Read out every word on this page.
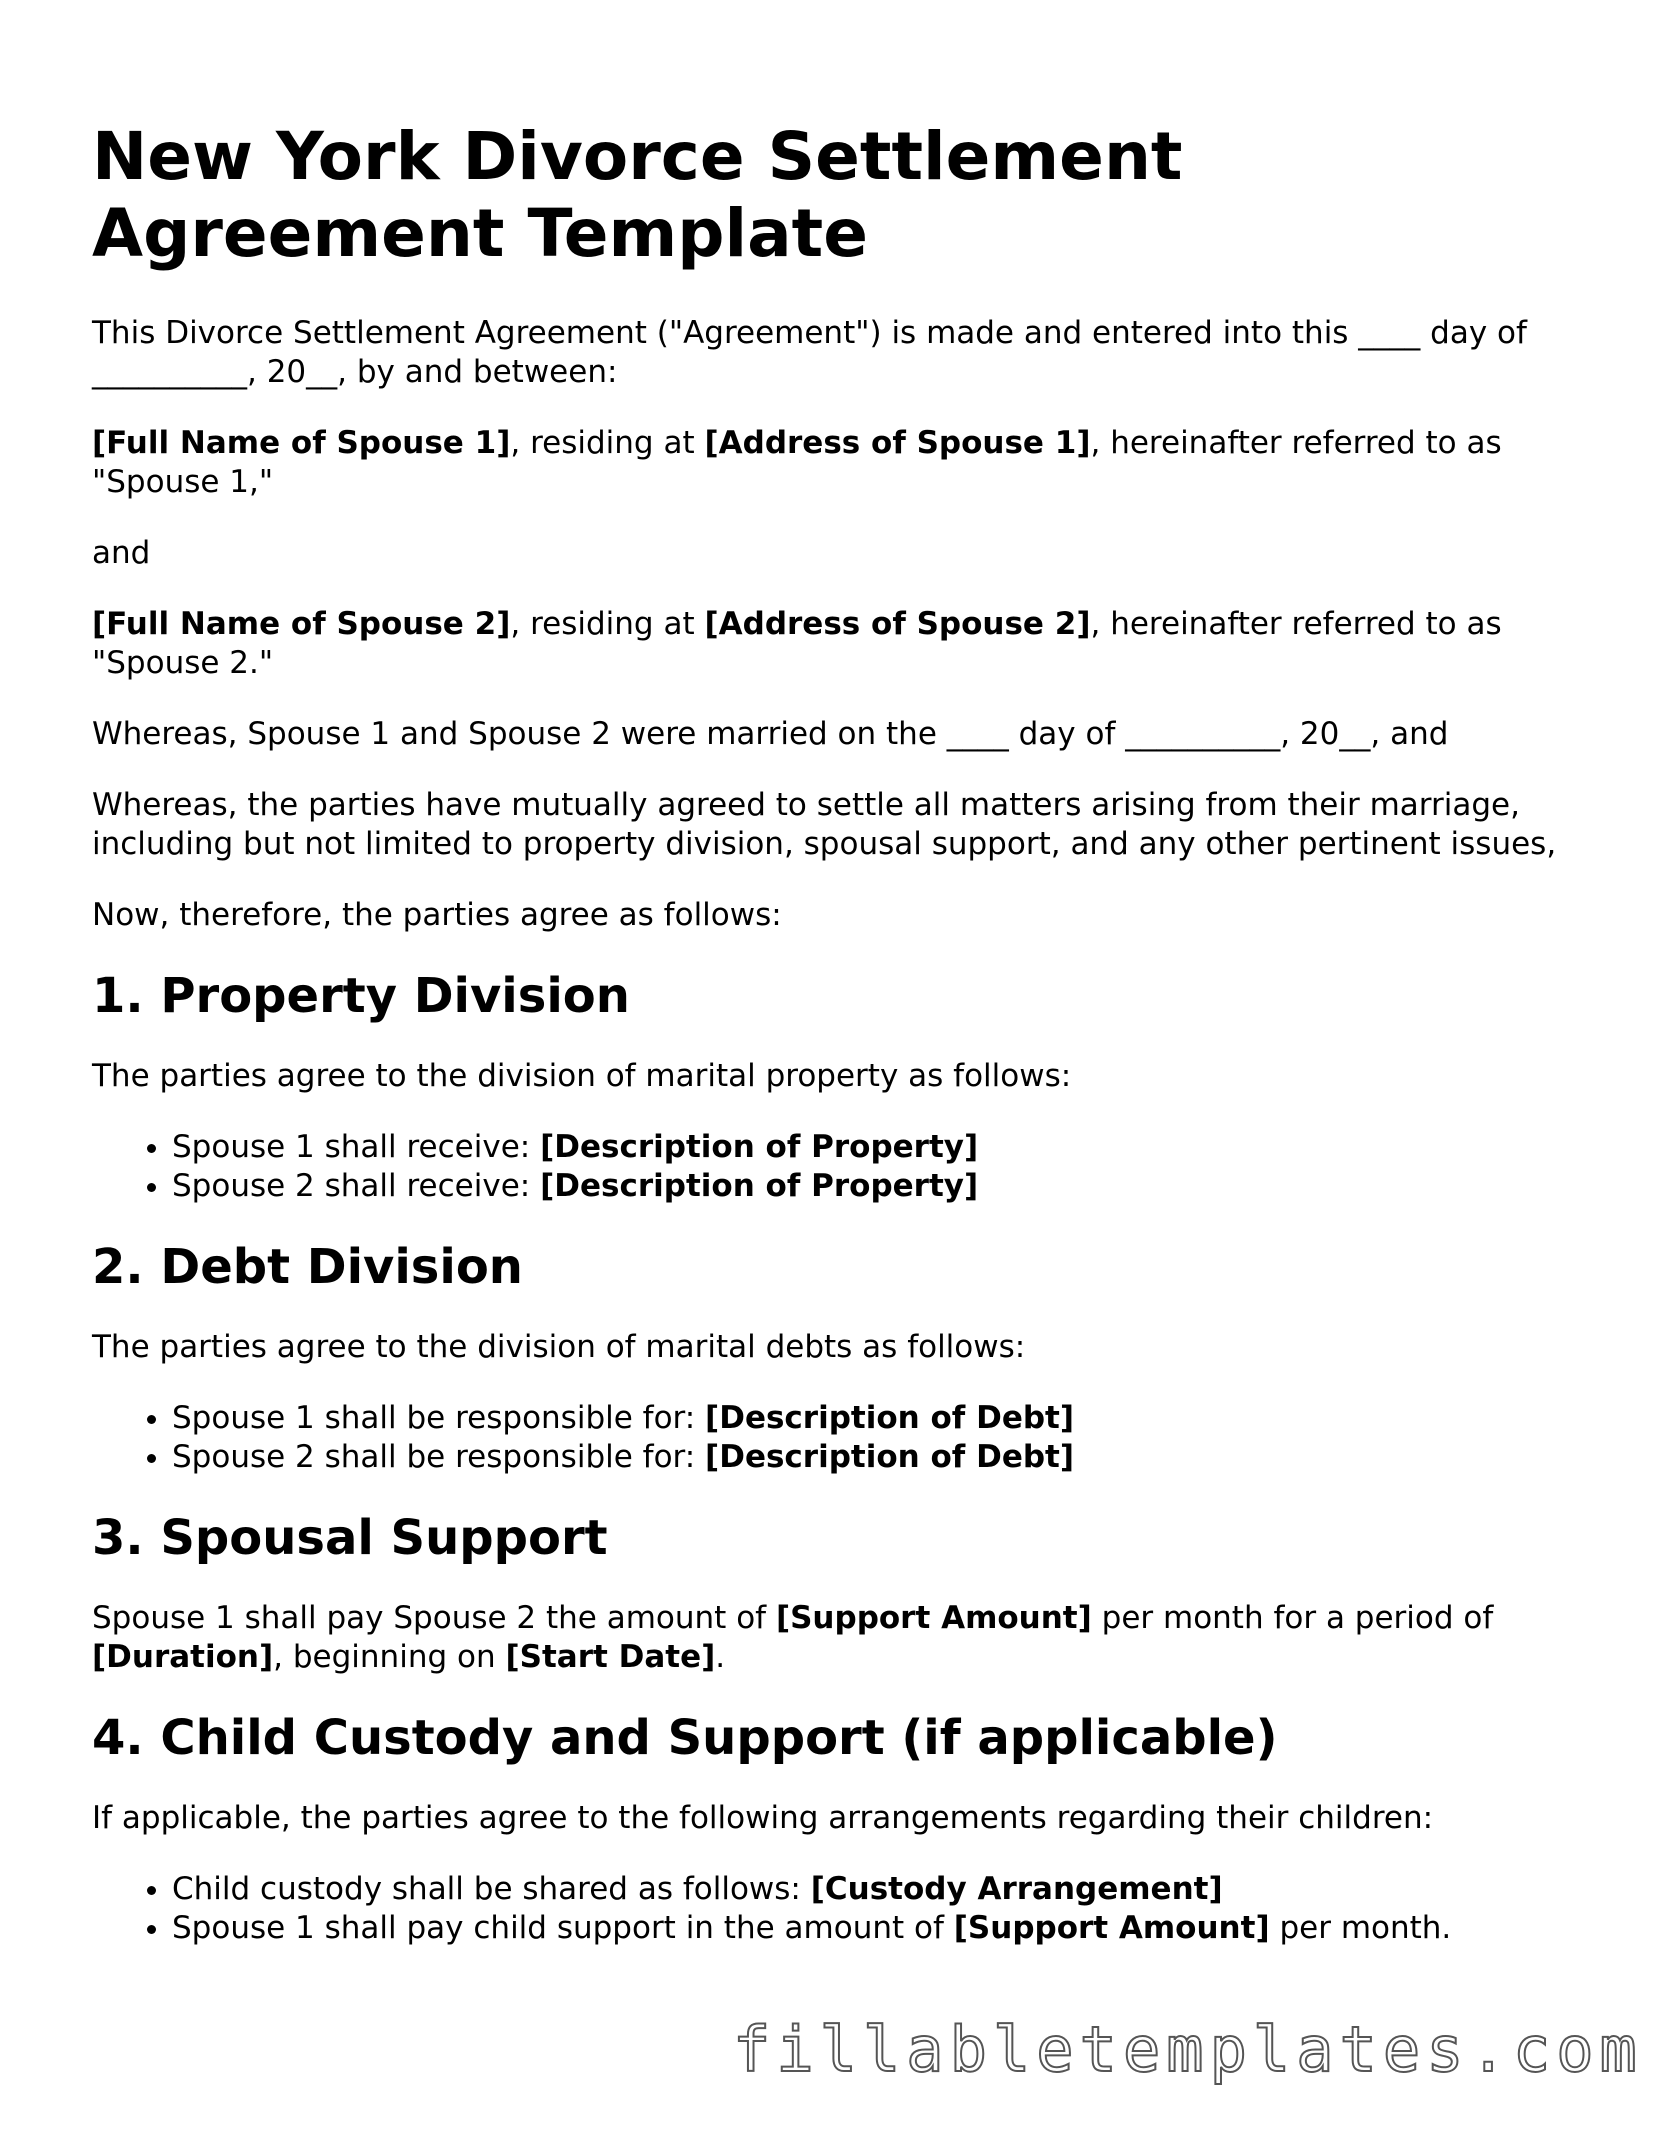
New York Divorce Settlement Agreement Template

This Divorce Settlement Agreement ("Agreement") is made and entered into this ____ day of __________, 20__, by and between:

[Full Name of Spouse 1], residing at [Address of Spouse 1], hereinafter referred to as "Spouse 1,"

and

[Full Name of Spouse 2], residing at [Address of Spouse 2], hereinafter referred to as "Spouse 2."

Whereas, Spouse 1 and Spouse 2 were married on the ____ day of __________, 20__, and

Whereas, the parties have mutually agreed to settle all matters arising from their marriage, including but not limited to property division, spousal support, and any other pertinent issues,

Now, therefore, the parties agree as follows:

1. Property Division

The parties agree to the division of marital property as follows:

• Spouse 1 shall receive: [Description of Property]
• Spouse 2 shall receive: [Description of Property]
2. Debt Division

The parties agree to the division of marital debts as follows:

• Spouse 1 shall be responsible for: [Description of Debt]
• Spouse 2 shall be responsible for: [Description of Debt]
3. Spousal Support

Spouse 1 shall pay Spouse 2 the amount of [Support Amount] per month for a period of [Duration], beginning on [Start Date].

4. Child Custody and Support (if applicable)

If applicable, the parties agree to the following arrangements regarding their children:

• Child custody shall be shared as follows: [Custody Arrangement]
• Spouse 1 shall pay child support in the amount of [Support Amount] per month.
fillabletemplates.com
